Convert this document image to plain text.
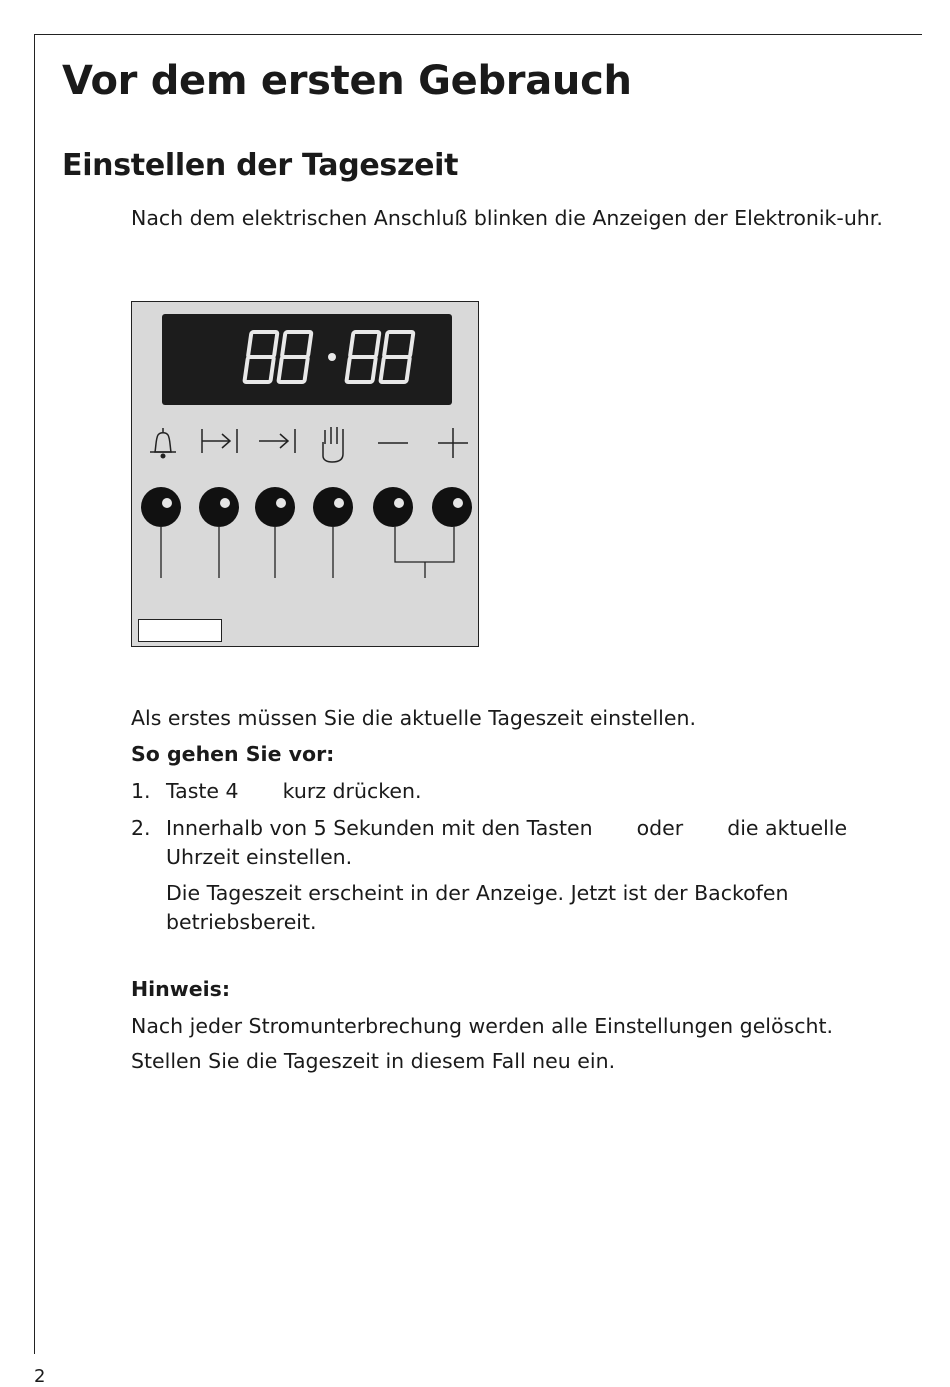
Vor dem ersten Gebrauch
Einstellen der Tageszeit
Nach dem elektrischen Anschluß blinken die Anzeigen der Elektronik-uhr.
Als erstes müssen Sie die aktuelle Tageszeit einstellen.
So gehen Sie vor:
1. Taste 4 kurz drücken.
2. Innerhalb von 5 Sekunden mit den Tasten oder die aktuelle Uhrzeit einstellen.
Die Tageszeit erscheint in der Anzeige. Jetzt ist der Backofen betriebsbereit.
Hinweis:
Nach jeder Stromunterbrechung werden alle Einstellungen gelöscht.
Stellen Sie die Tageszeit in diesem Fall neu ein.
2
